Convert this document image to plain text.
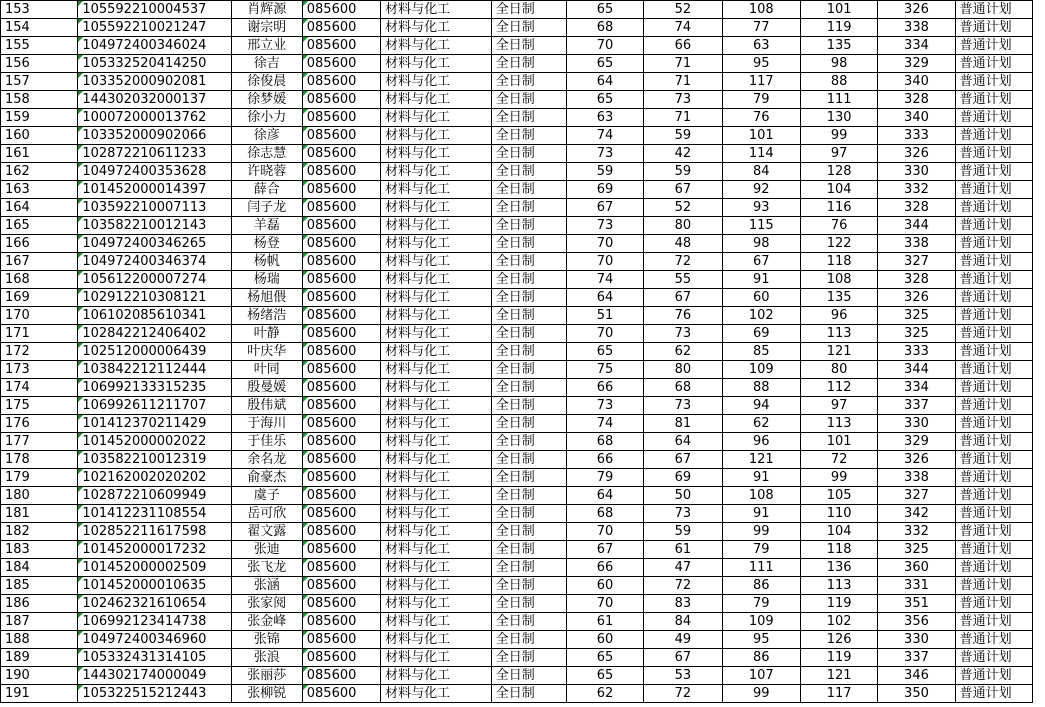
153	105592210004537	肖辉源	085600	材料与化工	全日制	65	52	108	101	326	普通计划
154	105592210021247	谢宗明	085600	材料与化工	全日制	68	74	77	119	338	普通计划
155	104972400346024	邢立业	085600	材料与化工	全日制	70	66	63	135	334	普通计划
156	105332520414250	徐吉	085600	材料与化工	全日制	65	71	95	98	329	普通计划
157	103352000902081	徐俊晨	085600	材料与化工	全日制	64	71	117	88	340	普通计划
158	144302032000137	徐梦媛	085600	材料与化工	全日制	65	73	79	111	328	普通计划
159	100072000013762	徐小力	085600	材料与化工	全日制	63	71	76	130	340	普通计划
160	103352000902066	徐彦	085600	材料与化工	全日制	74	59	101	99	333	普通计划
161	102872210611233	徐志慧	085600	材料与化工	全日制	73	42	114	97	326	普通计划
162	104972400353628	许晓蓉	085600	材料与化工	全日制	59	59	84	128	330	普通计划
163	101452000014397	薛合	085600	材料与化工	全日制	69	67	92	104	332	普通计划
164	103592210007113	闫子龙	085600	材料与化工	全日制	67	52	93	116	328	普通计划
165	103582210012143	羊磊	085600	材料与化工	全日制	73	80	115	76	344	普通计划
166	104972400346265	杨登	085600	材料与化工	全日制	70	48	98	122	338	普通计划
167	104972400346374	杨帆	085600	材料与化工	全日制	70	72	67	118	327	普通计划
168	105612200007274	杨瑞	085600	材料与化工	全日制	74	55	91	108	328	普通计划
169	102912210308121	杨旭偎	085600	材料与化工	全日制	64	67	60	135	326	普通计划
170	106102085610341	杨绪浩	085600	材料与化工	全日制	51	76	102	96	325	普通计划
171	102842212406402	叶静	085600	材料与化工	全日制	70	73	69	113	325	普通计划
172	102512000006439	叶庆华	085600	材料与化工	全日制	65	62	85	121	333	普通计划
173	103842212112444	叶同	085600	材料与化工	全日制	75	80	109	80	344	普通计划
174	106992133315235	殷曼媛	085600	材料与化工	全日制	66	68	88	112	334	普通计划
175	106992611211707	殷伟斌	085600	材料与化工	全日制	73	73	94	97	337	普通计划
176	101412370211429	于海川	085600	材料与化工	全日制	74	81	62	113	330	普通计划
177	101452000002022	于佳乐	085600	材料与化工	全日制	68	64	96	101	329	普通计划
178	103582210012319	余名龙	085600	材料与化工	全日制	66	67	121	72	326	普通计划
179	102162002020202	俞豪杰	085600	材料与化工	全日制	79	69	91	99	338	普通计划
180	102872210609949	虞子	085600	材料与化工	全日制	64	50	108	105	327	普通计划
181	101412231108554	岳可欣	085600	材料与化工	全日制	68	73	91	110	342	普通计划
182	102852211617598	翟文露	085600	材料与化工	全日制	70	59	99	104	332	普通计划
183	101452000017232	张迪	085600	材料与化工	全日制	67	61	79	118	325	普通计划
184	101452000002509	张飞龙	085600	材料与化工	全日制	66	47	111	136	360	普通计划
185	101452000010635	张涵	085600	材料与化工	全日制	60	72	86	113	331	普通计划
186	102462321610654	张家阅	085600	材料与化工	全日制	70	83	79	119	351	普通计划
187	106992123414738	张金峰	085600	材料与化工	全日制	61	84	109	102	356	普通计划
188	104972400346960	张锦	085600	材料与化工	全日制	60	49	95	126	330	普通计划
189	105332431314105	张浪	085600	材料与化工	全日制	65	67	86	119	337	普通计划
190	144302174000049	张丽莎	085600	材料与化工	全日制	65	53	107	121	346	普通计划
191	105322515212443	张柳锐	085600	材料与化工	全日制	62	72	99	117	350	普通计划
